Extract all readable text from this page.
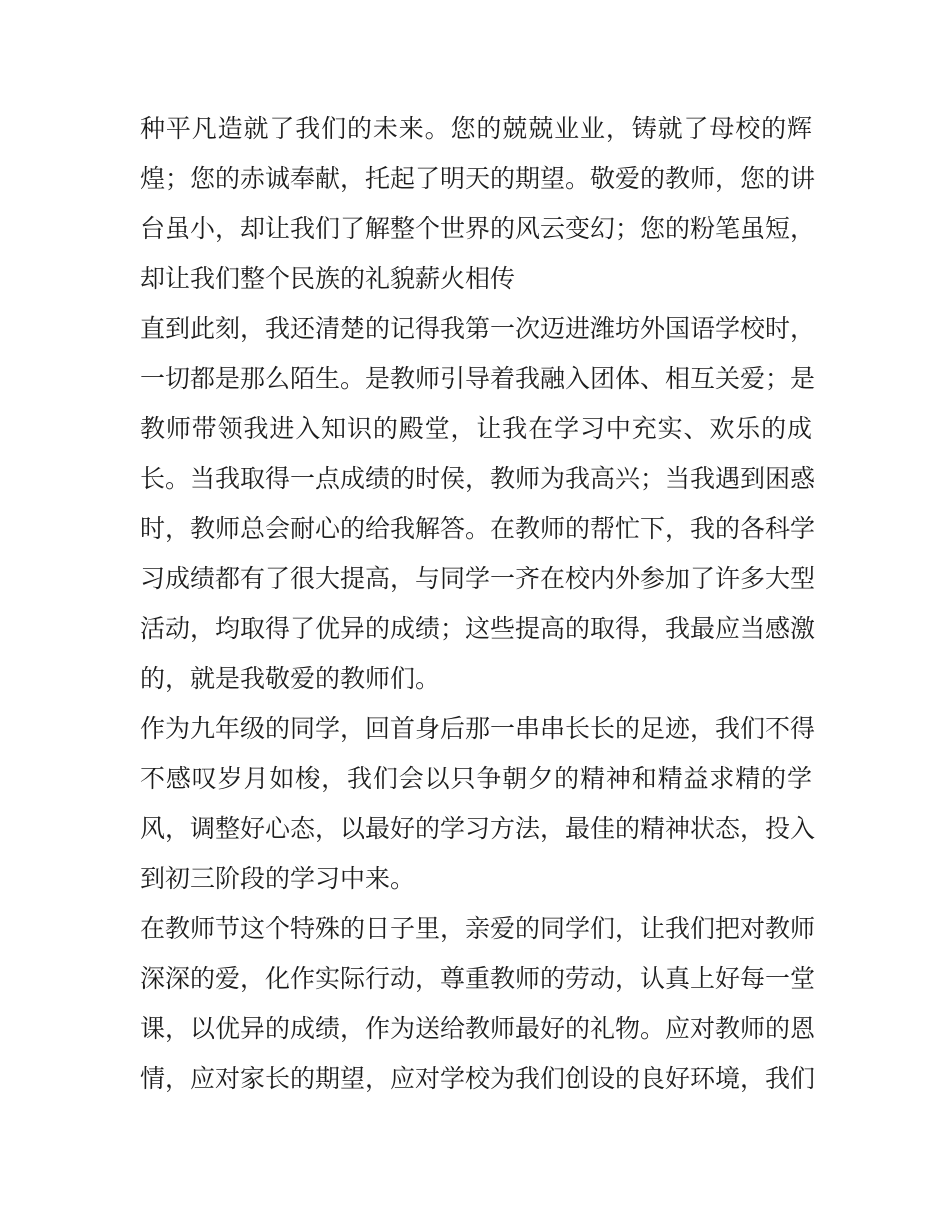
种平凡造就了我们的未来。您的兢兢业业，铸就了母校的辉
煌；您的赤诚奉献，托起了明天的期望。敬爱的教师，您的讲
台虽小，却让我们了解整个世界的风云变幻；您的粉笔虽短，
却让我们整个民族的礼貌薪火相传
直到此刻，我还清楚的记得我第一次迈进潍坊外国语学校时，
一切都是那么陌生。是教师引导着我融入团体、相互关爱；是
教师带领我进入知识的殿堂，让我在学习中充实、欢乐的成
长。当我取得一点成绩的时侯，教师为我高兴；当我遇到困惑
时，教师总会耐心的给我解答。在教师的帮忙下，我的各科学
习成绩都有了很大提高，与同学一齐在校内外参加了许多大型
活动，均取得了优异的成绩；这些提高的取得，我最应当感激
的，就是我敬爱的教师们。
作为九年级的同学，回首身后那一串串长长的足迹，我们不得
不感叹岁月如梭，我们会以只争朝夕的精神和精益求精的学
风，调整好心态，以最好的学习方法，最佳的精神状态，投入
到初三阶段的学习中来。
在教师节这个特殊的日子里，亲爱的同学们，让我们把对教师
深深的爱，化作实际行动，尊重教师的劳动，认真上好每一堂
课，以优异的成绩，作为送给教师最好的礼物。应对教师的恩
情，应对家长的期望，应对学校为我们创设的良好环境，我们
